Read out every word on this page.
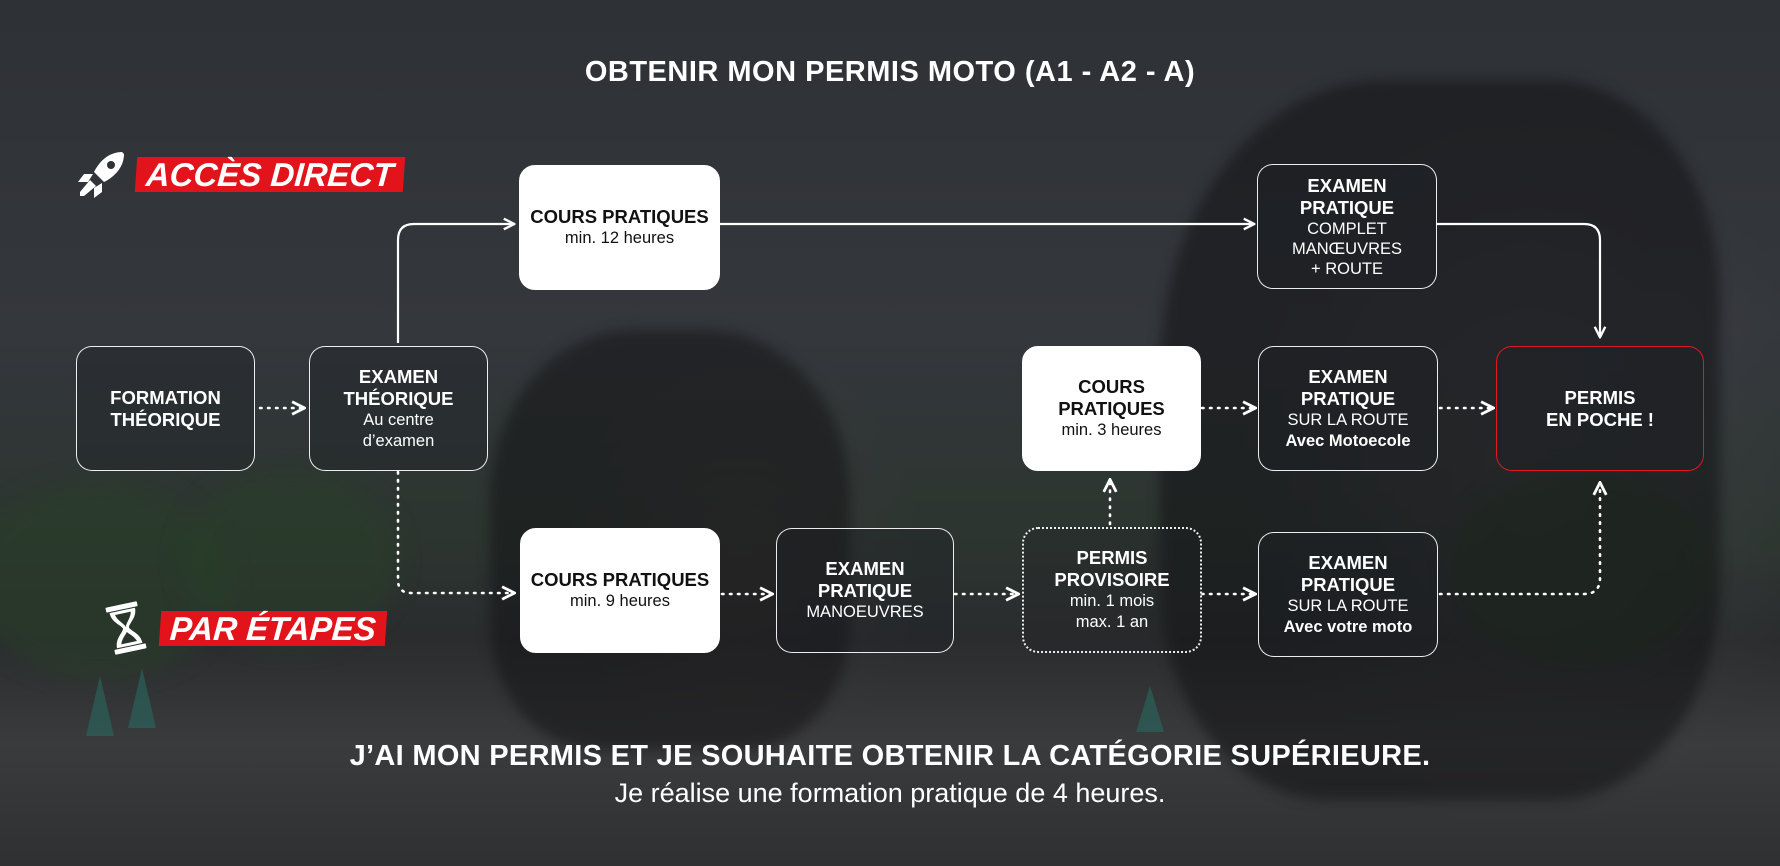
OBTENIR MON PERMIS MOTO (A1 - A2 - A)
ACCÈS DIRECT
PAR ÉTAPES
FORMATION
THÉORIQUE
EXAMEN
THÉORIQUE
Au centre
d’examen
COURS PRATIQUES
min. 12 heures
EXAMEN
PRATIQUE
COMPLET
MANŒUVRES
+ ROUTE
COURS
PRATIQUES
min. 3 heures
EXAMEN
PRATIQUE
SUR LA ROUTE
Avec Motoecole
PERMIS
EN POCHE !
COURS PRATIQUES
min. 9 heures
EXAMEN
PRATIQUE
MANOEUVRES
PERMIS
PROVISOIRE
min. 1 mois
max. 1 an
EXAMEN
PRATIQUE
SUR LA ROUTE
Avec votre moto
J’AI MON PERMIS ET JE SOUHAITE OBTENIR LA CATÉGORIE SUPÉRIEURE.
Je réalise une formation pratique de 4 heures.
